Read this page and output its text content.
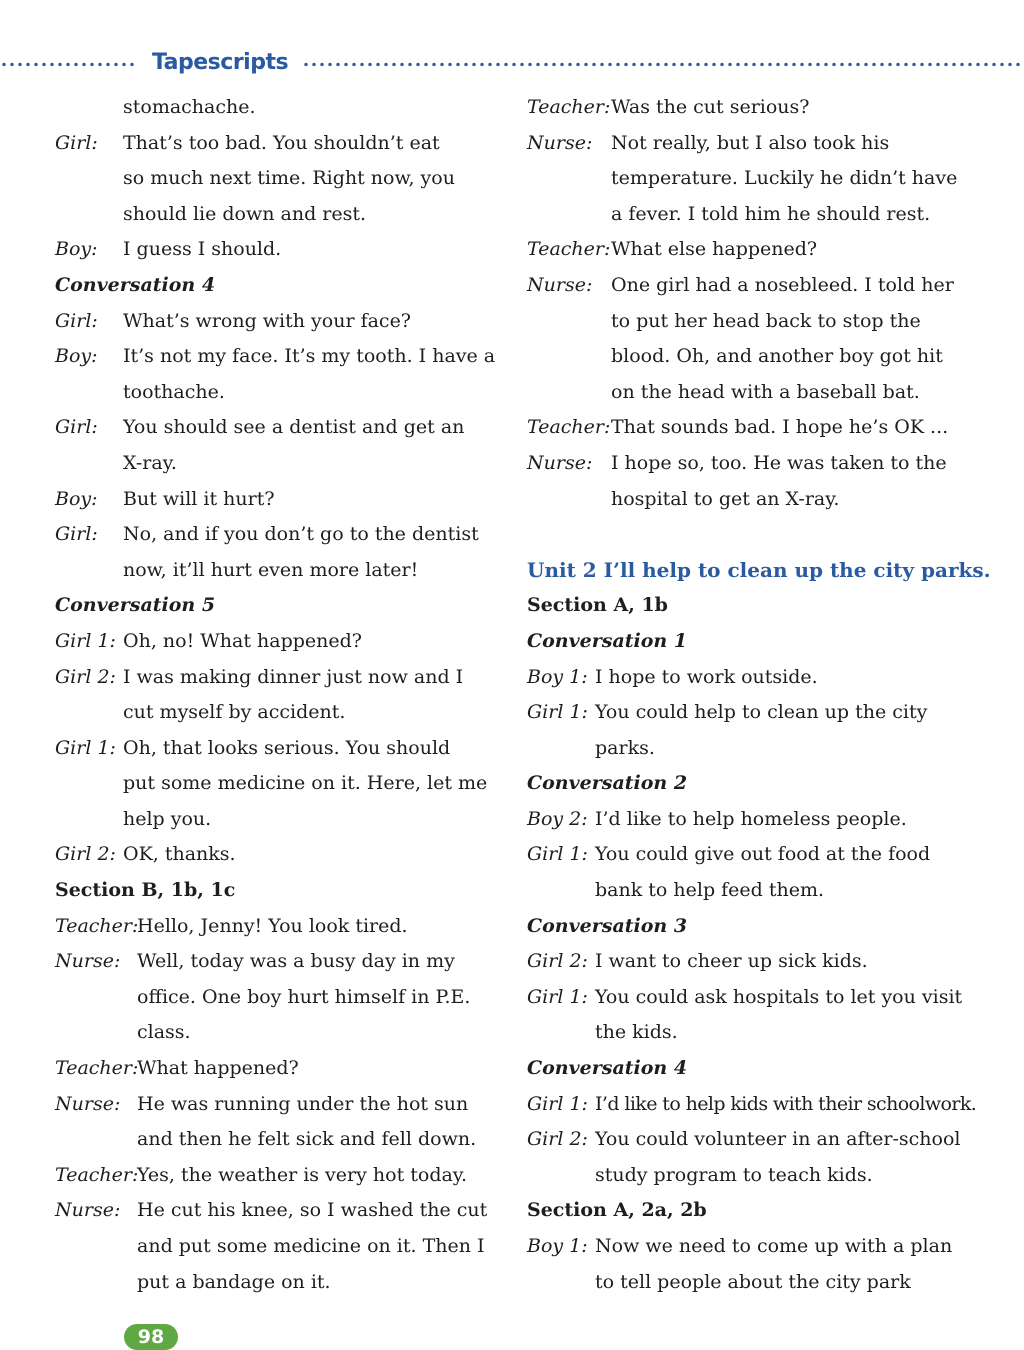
Tapescripts
stomachache.
Girl: That’s too bad. You shouldn’t eat
so much next time. Right now, you
should lie down and rest.
Boy: I guess I should.
Conversation 4
Girl: What’s wrong with your face?
Boy: It’s not my face. It’s my tooth. I have a
toothache.
Girl: You should see a dentist and get an
X-ray.
Boy: But will it hurt?
Girl: No, and if you don’t go to the dentist
now, it’ll hurt even more later!
Conversation 5
Girl 1: Oh, no! What happened?
Girl 2: I was making dinner just now and I
cut myself by accident.
Girl 1: Oh, that looks serious. You should
put some medicine on it. Here, let me
help you.
Girl 2: OK, thanks.
Section B, 1b, 1c
Teacher:
Hello, Jenny! You look tired.
Nurse: Well, today was a busy day in my
office. One boy hurt himself in P.E.
class.
Teacher:
What happened?
Nurse: He was running under the hot sun
and then he felt sick and fell down.
Teacher:
Yes, the weather is very hot today.
Nurse: He cut his knee, so I washed the cut
and put some medicine on it. Then I
put a bandage on it.
Teacher: Was the cut serious?
Nurse: Not really, but I also took his
temperature. Luckily he didn’t have
a fever. I told him he should rest.
Teacher: What else happened?
Nurse: One girl had a nosebleed. I told her
to put her head back to stop the
blood. Oh, and another boy got hit
on the head with a baseball bat.
Teacher: That sounds bad. I hope he’s OK ...
Nurse: I hope so, too. He was taken to the
hospital to get an X-ray.
Unit 2 I’ll help to clean up the city parks.
Section A, 1b
Conversation 1
Boy 1: I hope to work outside.
Girl 1: You could help to clean up the city
parks.
Conversation 2
Boy 2: I’d like to help homeless people.
Girl 1: You could give out food at the food
bank to help feed them.
Conversation 3
Girl 2: I want to cheer up sick kids.
Girl 1: You could ask hospitals to let you visit
the kids.
Conversation 4
Girl 1: I’d like to help kids with their schoolwork.
Girl 2: You could volunteer in an after-school
study program to teach kids.
Section A, 2a, 2b
Boy 1: Now we need to come up with a plan
to tell people about the city park
98
